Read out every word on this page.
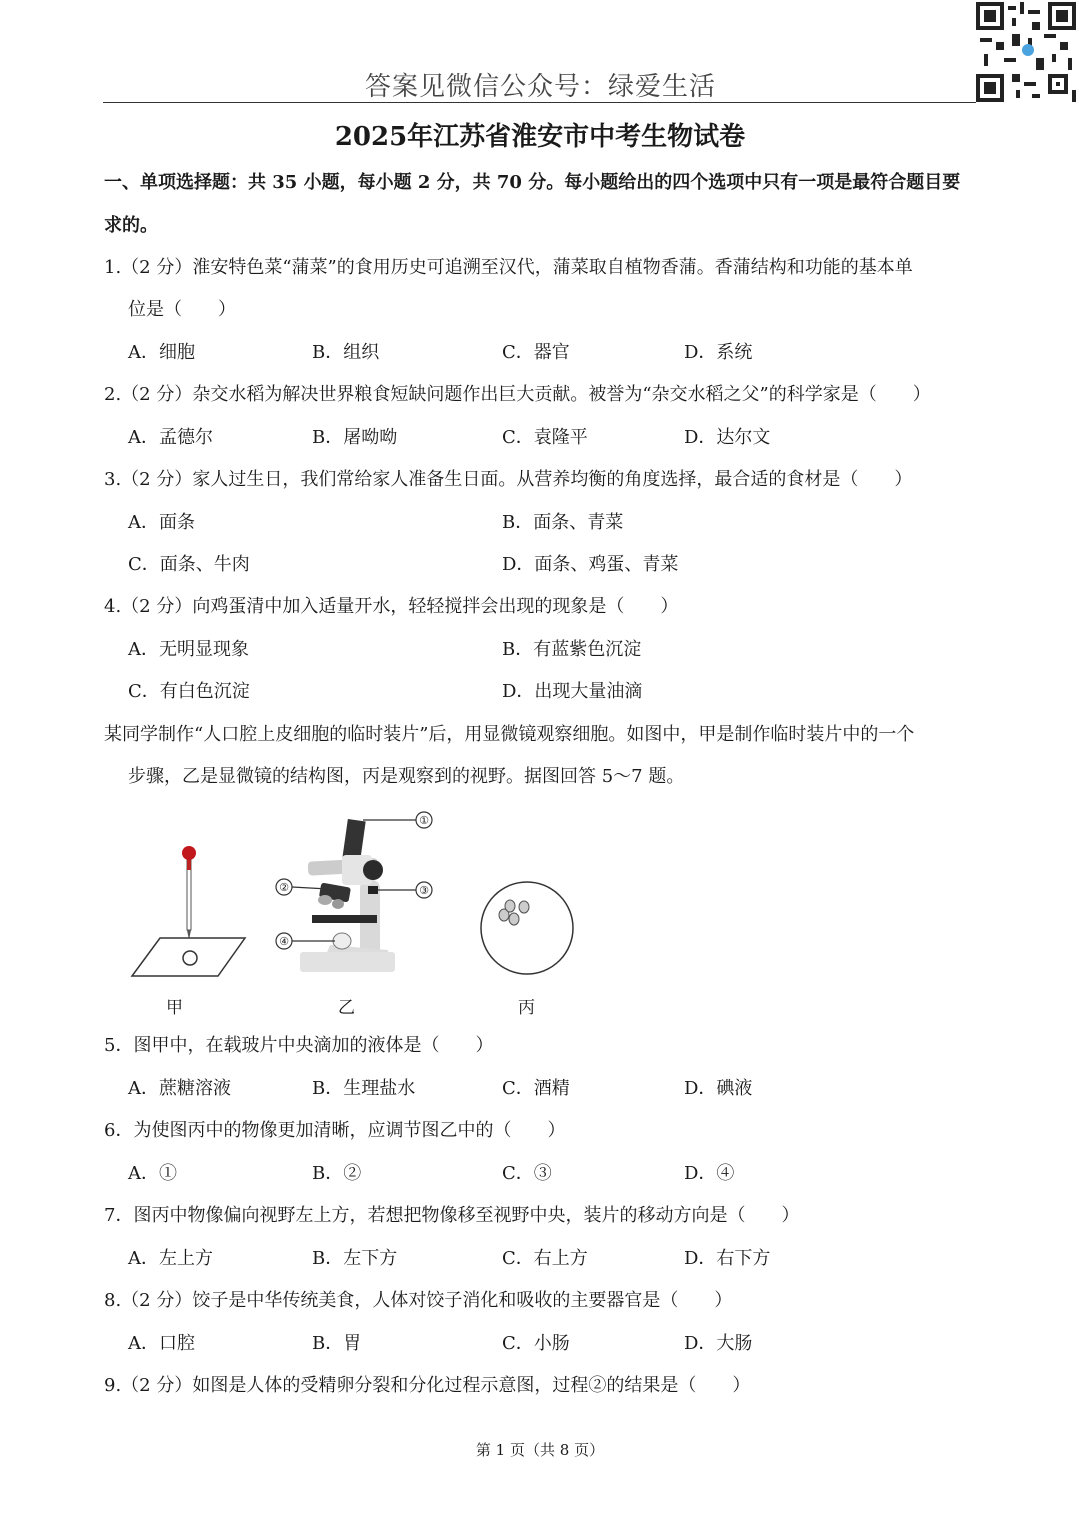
答案见微信公众号：绿爱生活
2025年江苏省淮安市中考生物试卷
一、单项选择题：共 35 小题，每小题 2 分，共 70 分。每小题给出的四个选项中只有一项是最符合题目要
求的。
1.（2 分）淮安特色菜“蒲菜”的食用历史可追溯至汉代，蒲菜取自植物香蒲。香蒲结构和功能的基本单
位是（　　）
A．细胞	B．组织	C．器官	D．系统
2.（2 分）杂交水稻为解决世界粮食短缺问题作出巨大贡献。被誉为“杂交水稻之父”的科学家是（　　）
A．孟德尔	B．屠呦呦	C．袁隆平	D．达尔文
3.（2 分）家人过生日，我们常给家人准备生日面。从营养均衡的角度选择，最合适的食材是（　　）
A．面条	B．面条、青菜
C．面条、牛肉	D．面条、鸡蛋、青菜
4.（2 分）向鸡蛋清中加入适量开水，轻轻搅拌会出现的现象是（　　）
A．无明显现象	B．有蓝紫色沉淀
C．有白色沉淀	D．出现大量油滴
某同学制作“人口腔上皮细胞的临时装片”后，用显微镜观察细胞。如图中，甲是制作临时装片中的一个
步骤，乙是显微镜的结构图，丙是观察到的视野。据图回答 5～7 题。
①
②	③
④
甲	乙	丙
5．图甲中，在载玻片中央滴加的液体是（　　）
A．蔗糖溶液	B．生理盐水	C．酒精	D．碘液
6．为使图丙中的物像更加清晰，应调节图乙中的（　　）
A．①	B．②	C．③	D．④
7．图丙中物像偏向视野左上方，若想把物像移至视野中央，装片的移动方向是（　　）
A．左上方	B．左下方	C．右上方	D．右下方
8.（2 分）饺子是中华传统美食，人体对饺子消化和吸收的主要器官是（　　）
A．口腔	B．胃	C．小肠	D．大肠
9.（2 分）如图是人体的受精卵分裂和分化过程示意图，过程②的结果是（　　）
第 1 页（共 8 页）
